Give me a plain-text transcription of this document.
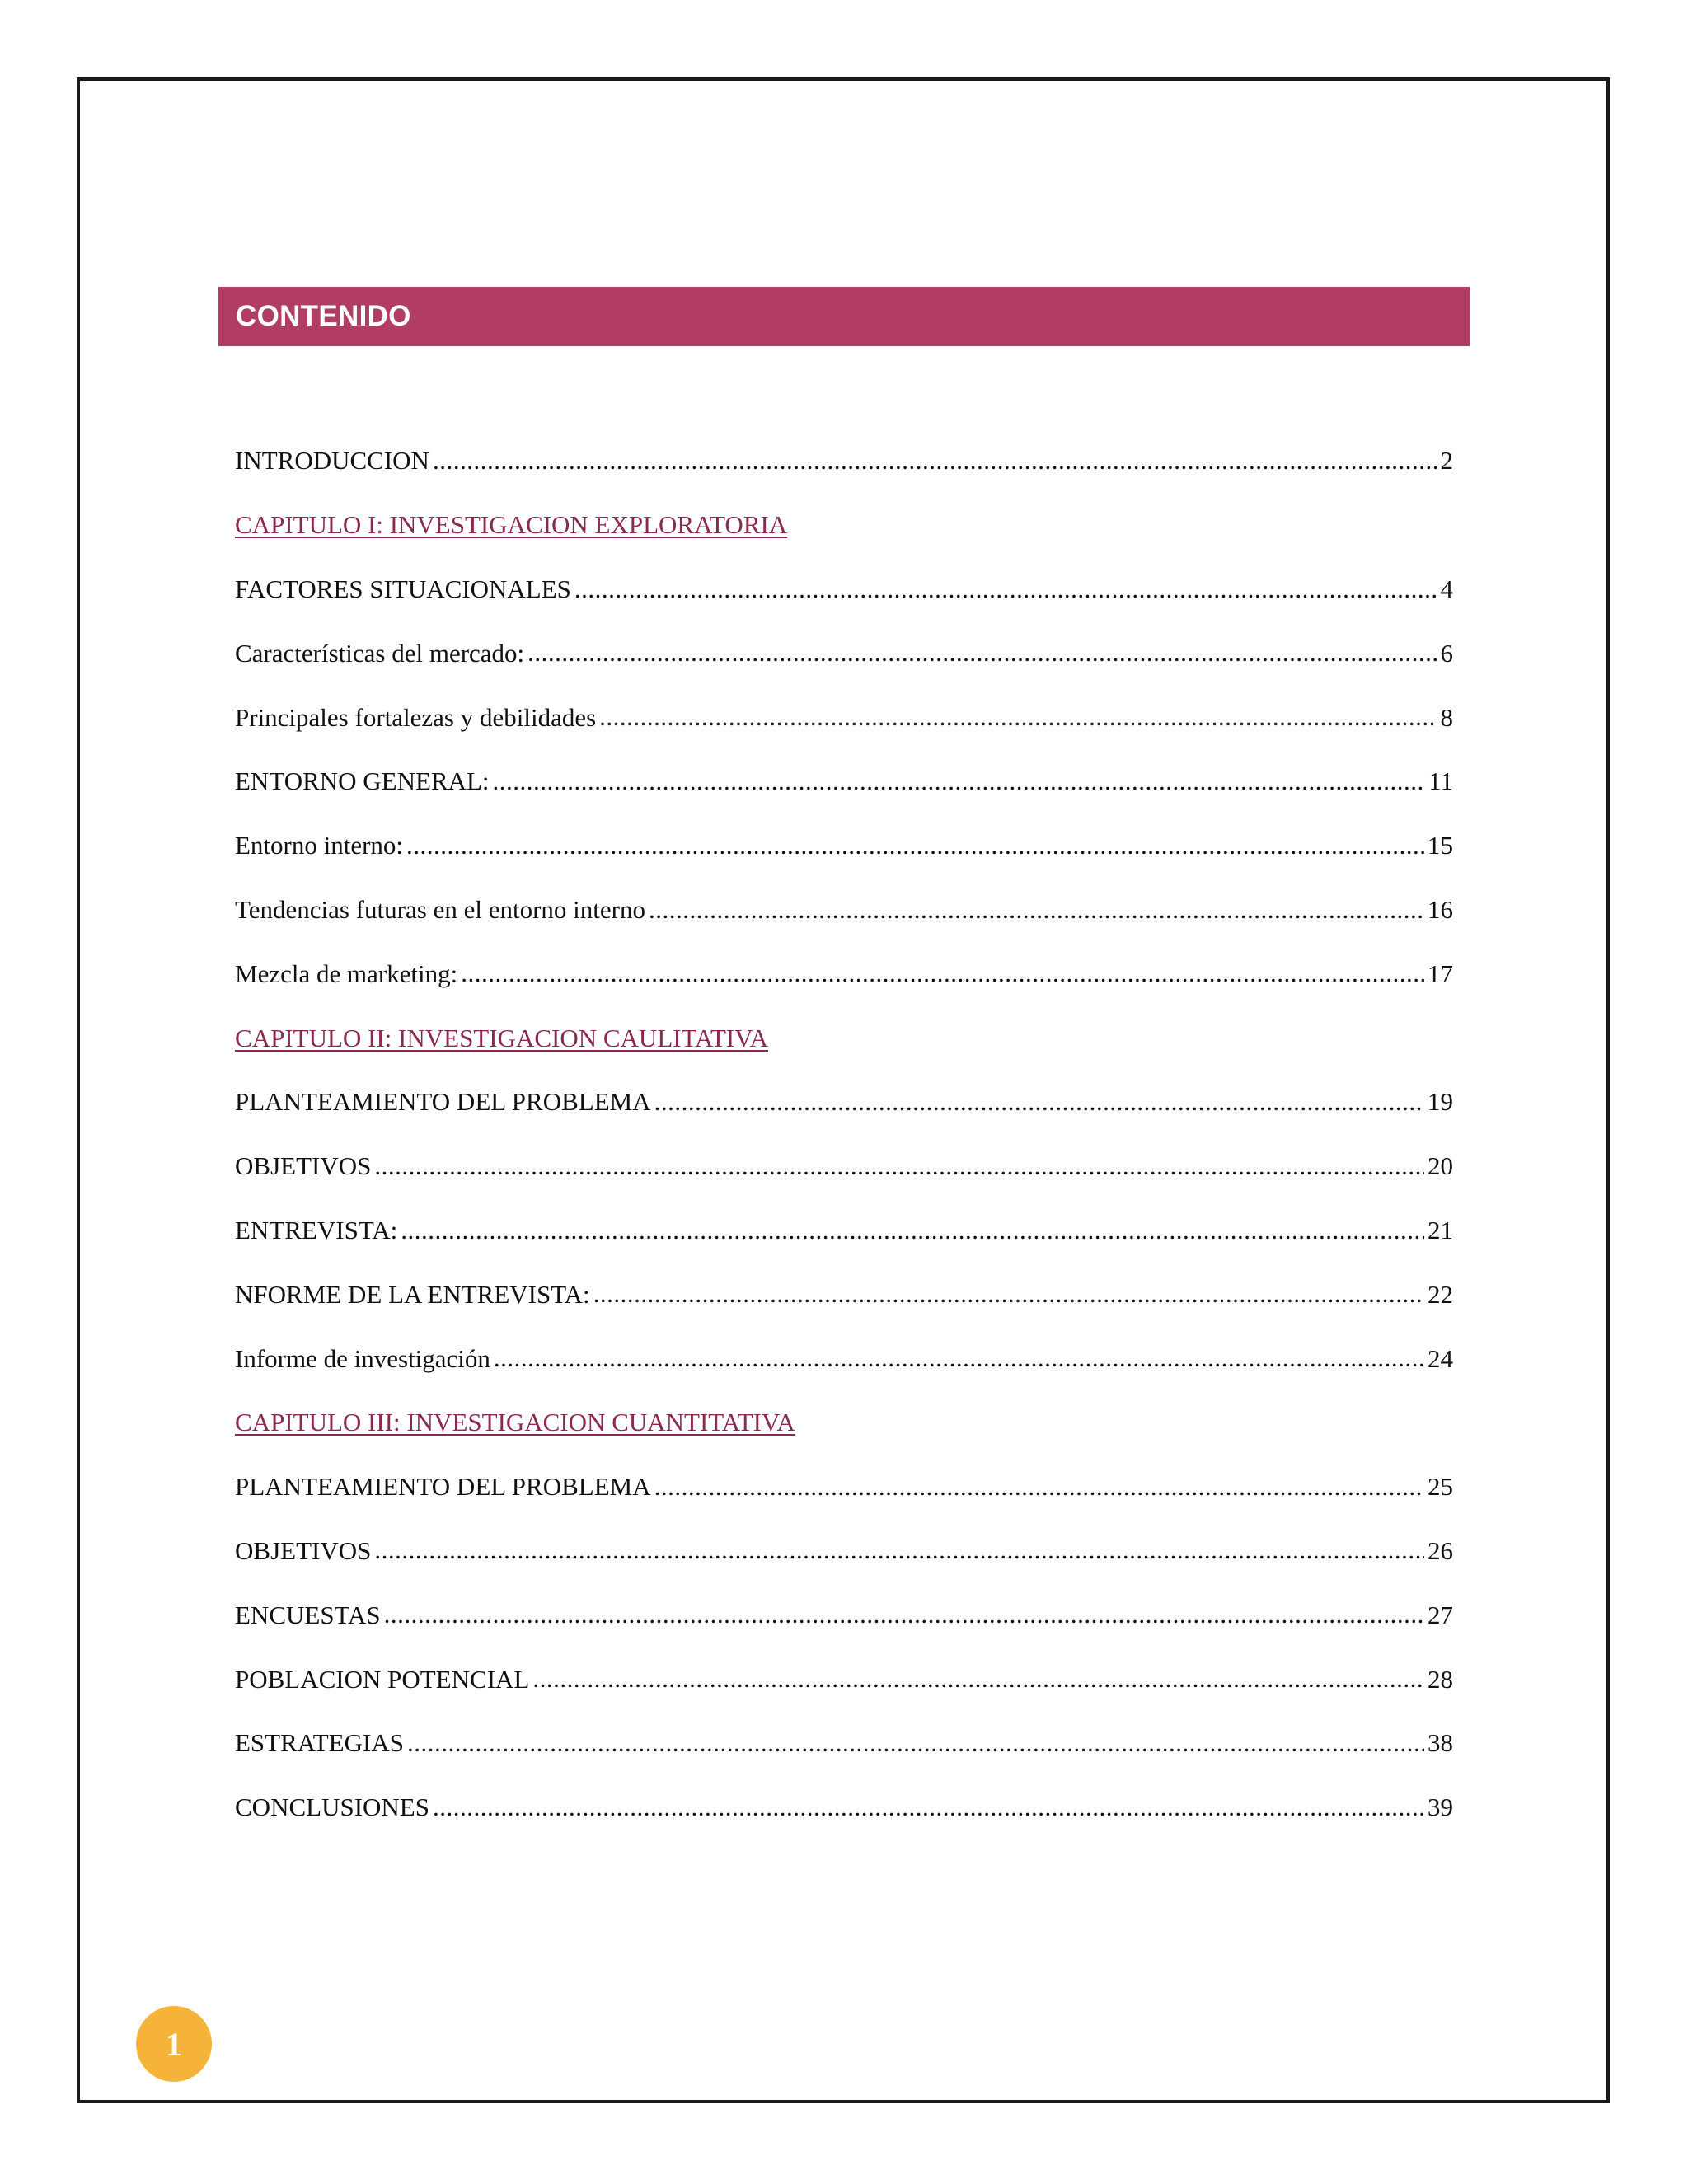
CONTENIDO
INTRODUCCION .....	2
CAPITULO I: INVESTIGACION EXPLORATORIA
FACTORES SITUACIONALES .....	4
Características del mercado: .....	6
Principales fortalezas y debilidades .....	8
ENTORNO GENERAL: .....	11
Entorno interno: .....	15
Tendencias futuras en el entorno interno .....	16
Mezcla de marketing: .....	17
CAPITULO II: INVESTIGACION CAULITATIVA
PLANTEAMIENTO DEL PROBLEMA .....	19
OBJETIVOS .....	20
ENTREVISTA: .....	21
NFORME DE LA ENTREVISTA: .....	22
Informe de investigación .....	24
CAPITULO III: INVESTIGACION CUANTITATIVA
PLANTEAMIENTO DEL PROBLEMA .....	25
OBJETIVOS .....	26
ENCUESTAS .....	27
POBLACION POTENCIAL .....	28
ESTRATEGIAS .....	38
CONCLUSIONES .....	39
1
